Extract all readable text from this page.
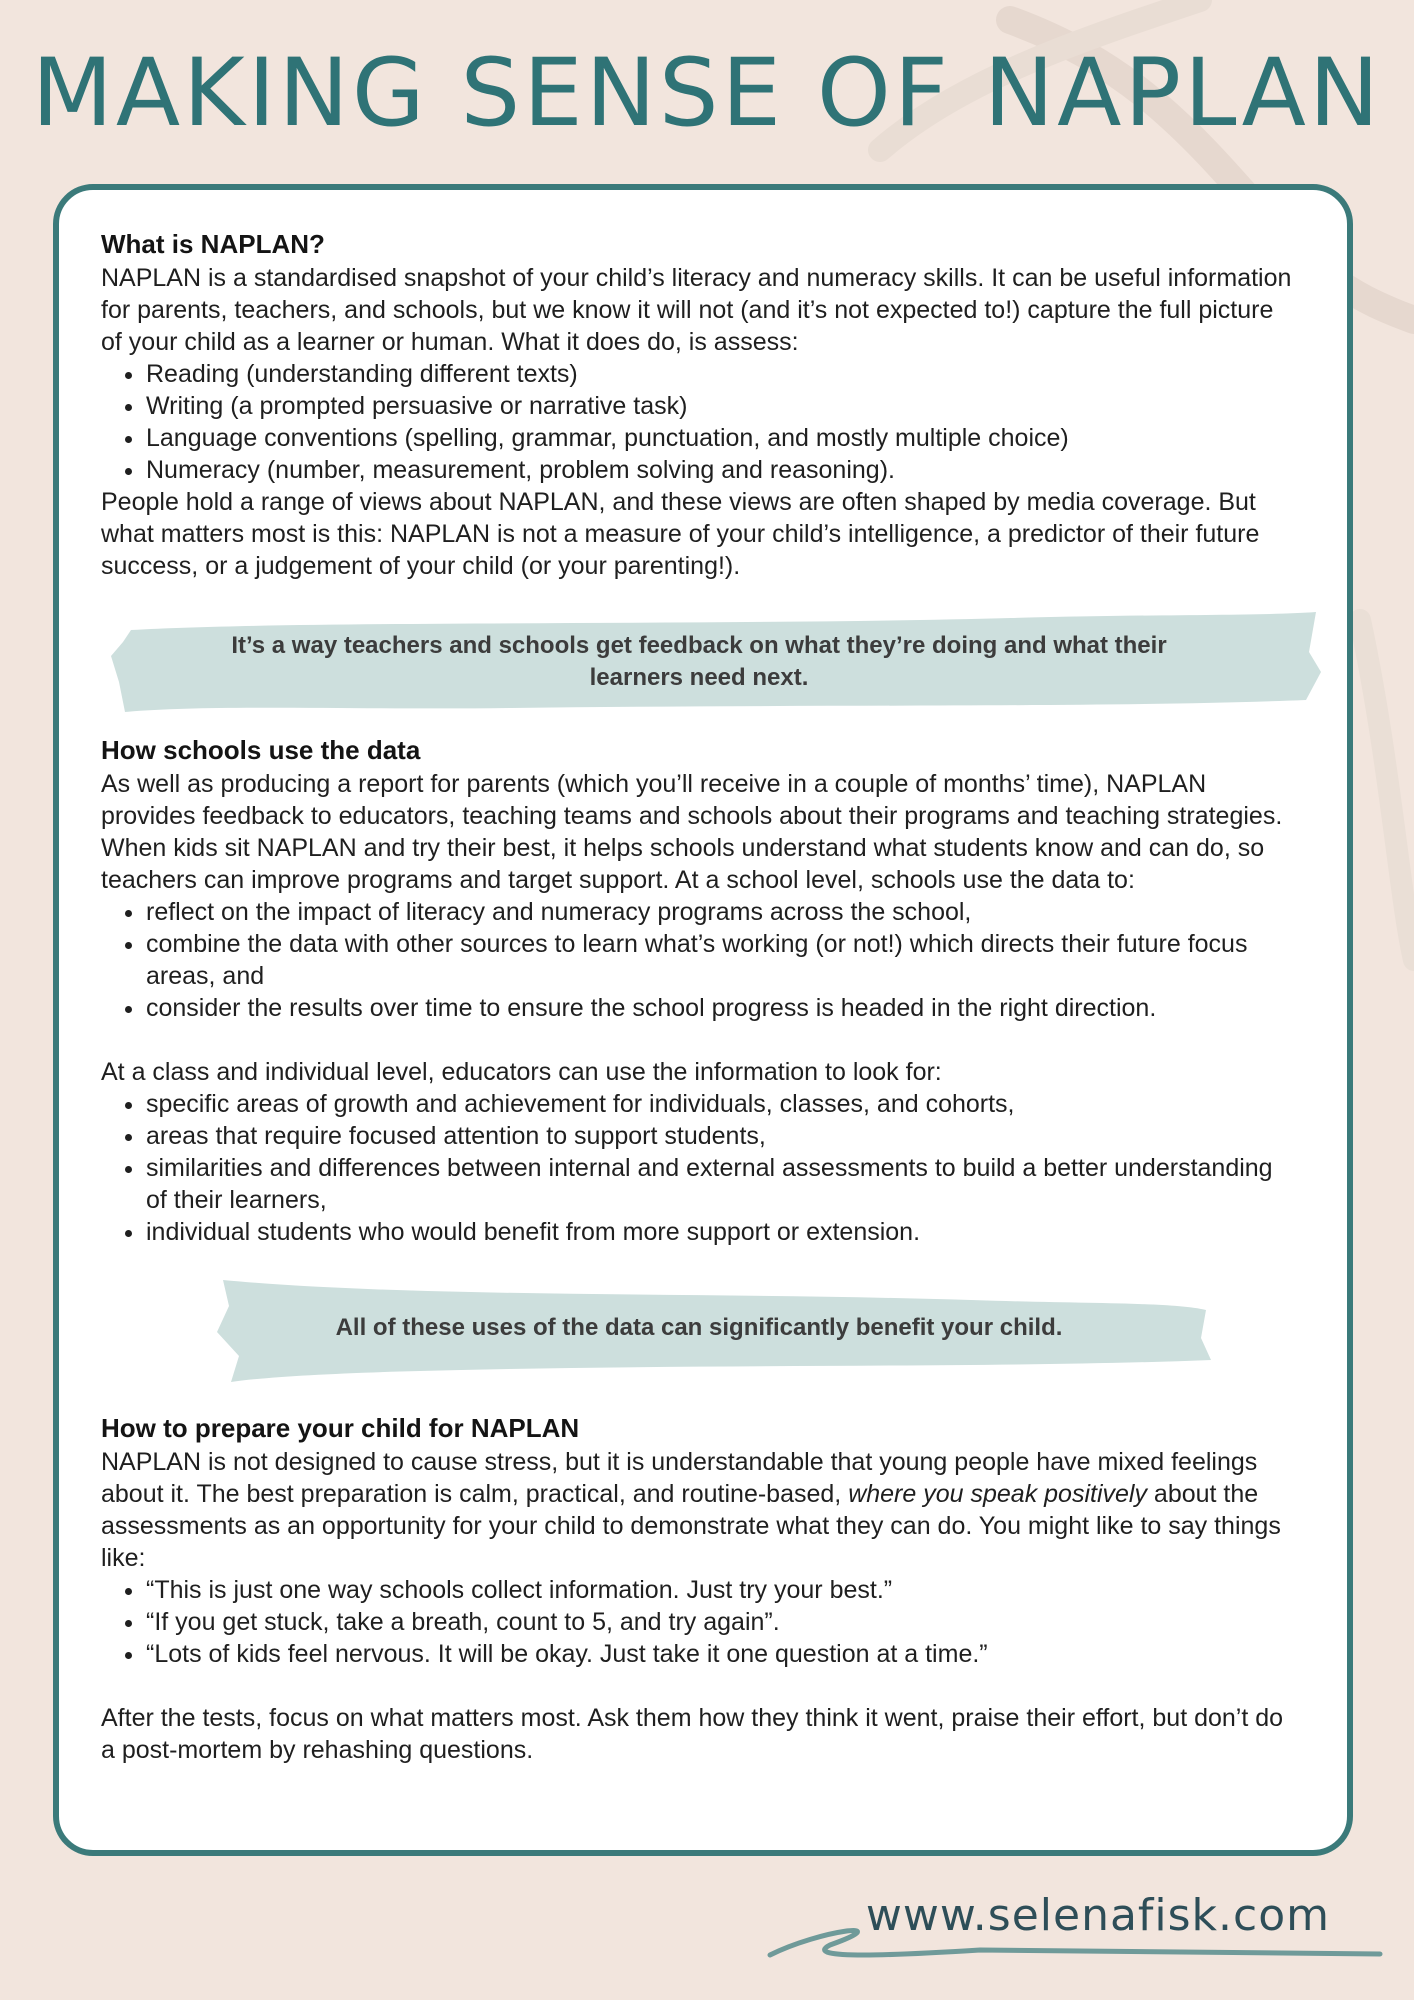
MAKING SENSE OF NAPLAN
What is NAPLAN?

NAPLAN is a standardised snapshot of your child’s literacy and numeracy skills. It can be useful information for parents, teachers, and schools, but we know it will not (and it’s not expected to!) capture the full picture of your child as a learner or human. What it does do, is assess:

• Reading (understanding different texts)
• Writing (a prompted persuasive or narrative task)
• Language conventions (spelling, grammar, punctuation, and mostly multiple choice)
• Numeracy (number, measurement, problem solving and reasoning).

People hold a range of views about NAPLAN, and these views are often shaped by media coverage. But what matters most is this: NAPLAN is not a measure of your child’s intelligence, a predictor of their future success, or a judgement of your child (or your parenting!).

It’s a way teachers and schools get feedback on what they’re doing and what their learners need next.
How schools use the data

As well as producing a report for parents (which you’ll receive in a couple of months’ time), NAPLAN provides feedback to educators, teaching teams and schools about their programs and teaching strategies. When kids sit NAPLAN and try their best, it helps schools understand what students know and can do, so teachers can improve programs and target support. At a school level, schools use the data to:

• reflect on the impact of literacy and numeracy programs across the school,
• combine the data with other sources to learn what’s working (or not!) which directs their future focus areas, and
• consider the results over time to ensure the school progress is headed in the right direction.

At a class and individual level, educators can use the information to look for:

• specific areas of growth and achievement for individuals, classes, and cohorts,
• areas that require focused attention to support students,
• similarities and differences between internal and external assessments to build a better understanding of their learners,
• individual students who would benefit from more support or extension.
All of these uses of the data can significantly benefit your child.
How to prepare your child for NAPLAN

NAPLAN is not designed to cause stress, but it is understandable that young people have mixed feelings about it. The best preparation is calm, practical, and routine-based, where you speak positively about the assessments as an opportunity for your child to demonstrate what they can do. You might like to say things like:

• “This is just one way schools collect information. Just try your best.”
• “If you get stuck, take a breath, count to 5, and try again”.
• “Lots of kids feel nervous. It will be okay. Just take it one question at a time.”

After the tests, focus on what matters most. Ask them how they think it went, praise their effort, but don’t do a post-mortem by rehashing questions.

www.selenafisk.com
